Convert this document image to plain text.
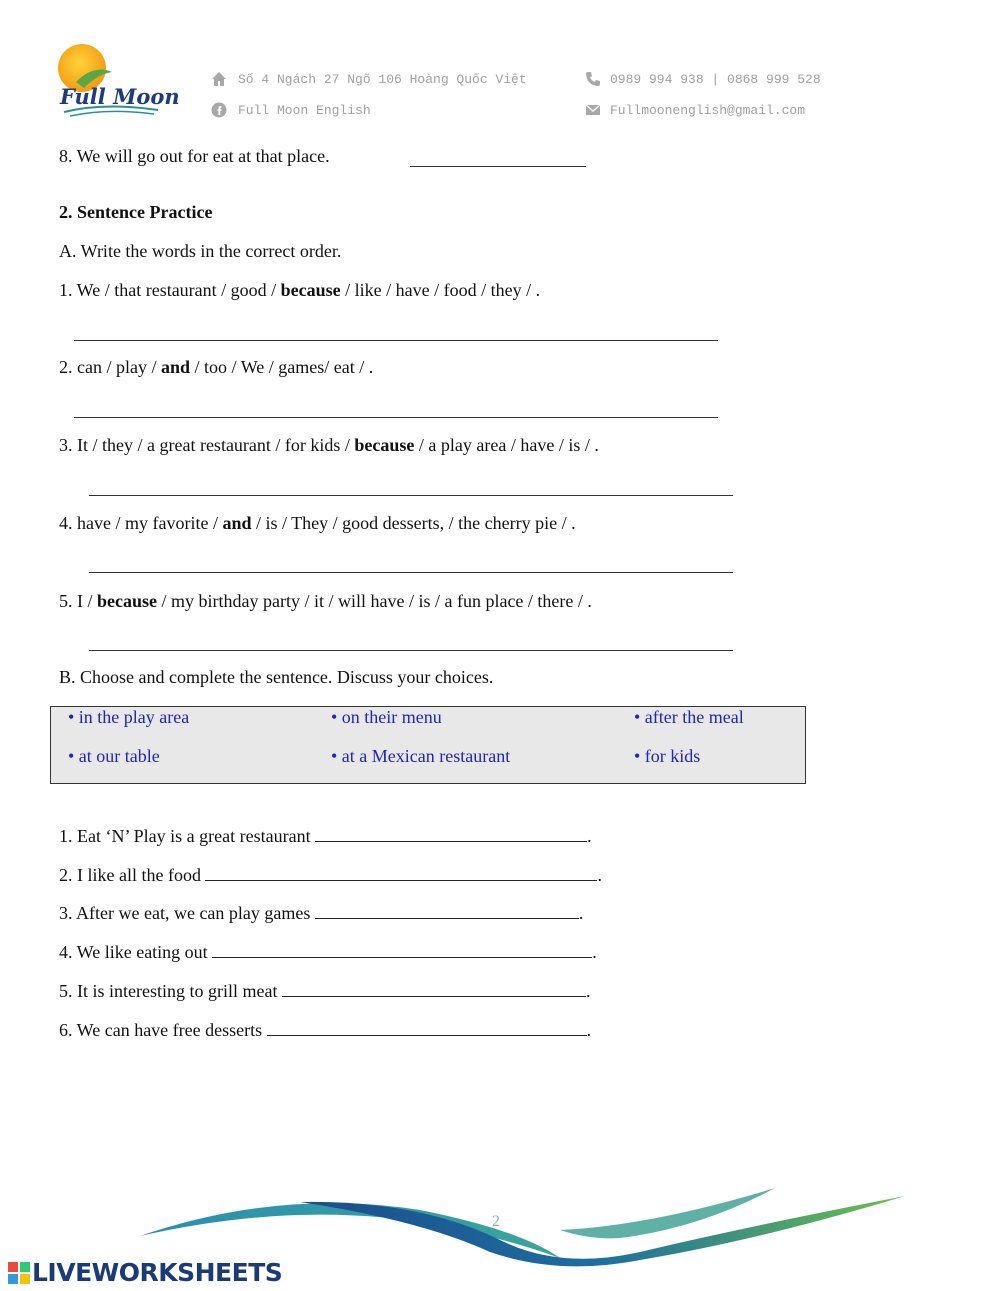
Full Moon
Số 4 Ngách 27 Ngõ 106 Hoàng Quốc Việt
Full Moon English
0989 994 938 | 0868 999 528
Fullmoonenglish@gmail.com
8. We will go out for eat at that place.
2. Sentence Practice
A. Write the words in the correct order.
1. We / that restaurant / good / because / like / have / food / they / .
2. can / play / and / too / We / games/ eat / .
3. It / they / a great restaurant / for kids / because / a play area / have / is / .
4. have / my favorite / and / is / They / good desserts, / the cherry pie / .
5. I / because / my birthday party / it / will have / is / a fun place / there / .
B. Choose and complete the sentence. Discuss your choices.
• in the play area	• on their menu	• after the meal
• at our table	• at a Mexican restaurant	• for kids
1. Eat ‘N’ Play is a great restaurant	.
2. I like all the food	.
3. After we eat, we can play games	.
4. We like eating out	.
5. It is interesting to grill meat	.
6. We can have free desserts	.
2
LIVEWORKSHEETS
